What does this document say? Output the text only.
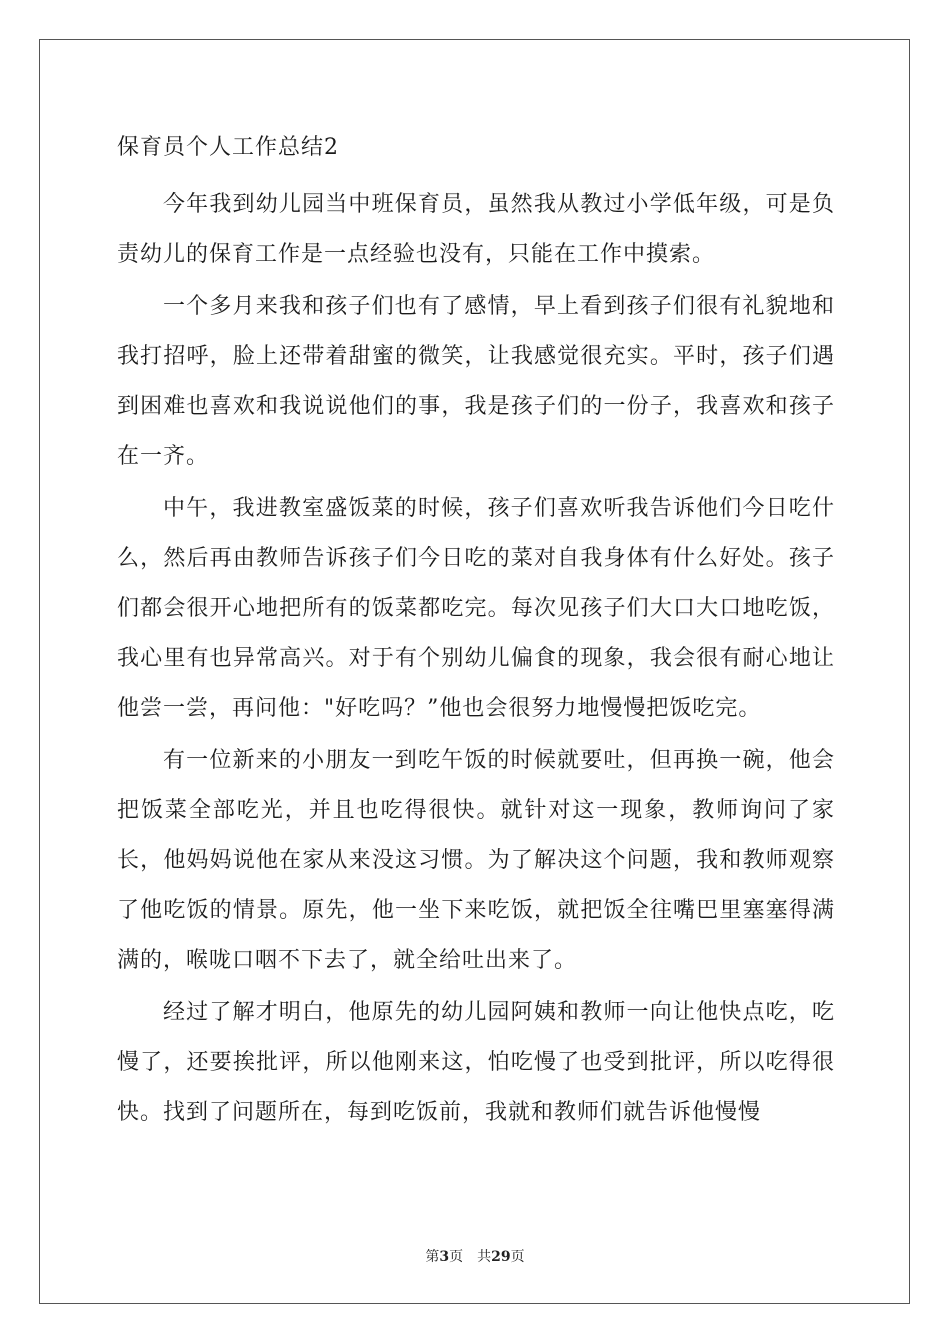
保育员个人工作总结2

今年我到幼儿园当中班保育员，虽然我从教过小学低年级，可是负责幼儿的保育工作是一点经验也没有，只能在工作中摸索。

一个多月来我和孩子们也有了感情，早上看到孩子们很有礼貌地和我打招呼，脸上还带着甜蜜的微笑，让我感觉很充实。平时，孩子们遇到困难也喜欢和我说说他们的事，我是孩子们的一份子，我喜欢和孩子在一齐。

中午，我进教室盛饭菜的时候，孩子们喜欢听我告诉他们今日吃什么，然后再由教师告诉孩子们今日吃的菜对自我身体有什么好处。孩子们都会很开心地把所有的饭菜都吃完。每次见孩子们大口大口地吃饭，我心里有也异常高兴。对于有个别幼儿偏食的现象，我会很有耐心地让他尝一尝，再问他："好吃吗？”他也会很努力地慢慢把饭吃完。

有一位新来的小朋友一到吃午饭的时候就要吐，但再换一碗，他会把饭菜全部吃光，并且也吃得很快。就针对这一现象，教师询问了家长，他妈妈说他在家从来没这习惯。为了解决这个问题，我和教师观察了他吃饭的情景。原先，他一坐下来吃饭，就把饭全往嘴巴里塞塞得满满的，喉咙口咽不下去了，就全给吐出来了。

经过了解才明白，他原先的幼儿园阿姨和教师一向让他快点吃，吃慢了，还要挨批评，所以他刚来这，怕吃慢了也受到批评，所以吃得很快。找到了问题所在，每到吃饭前，我就和教师们就告诉他慢慢

第3页 共29页
